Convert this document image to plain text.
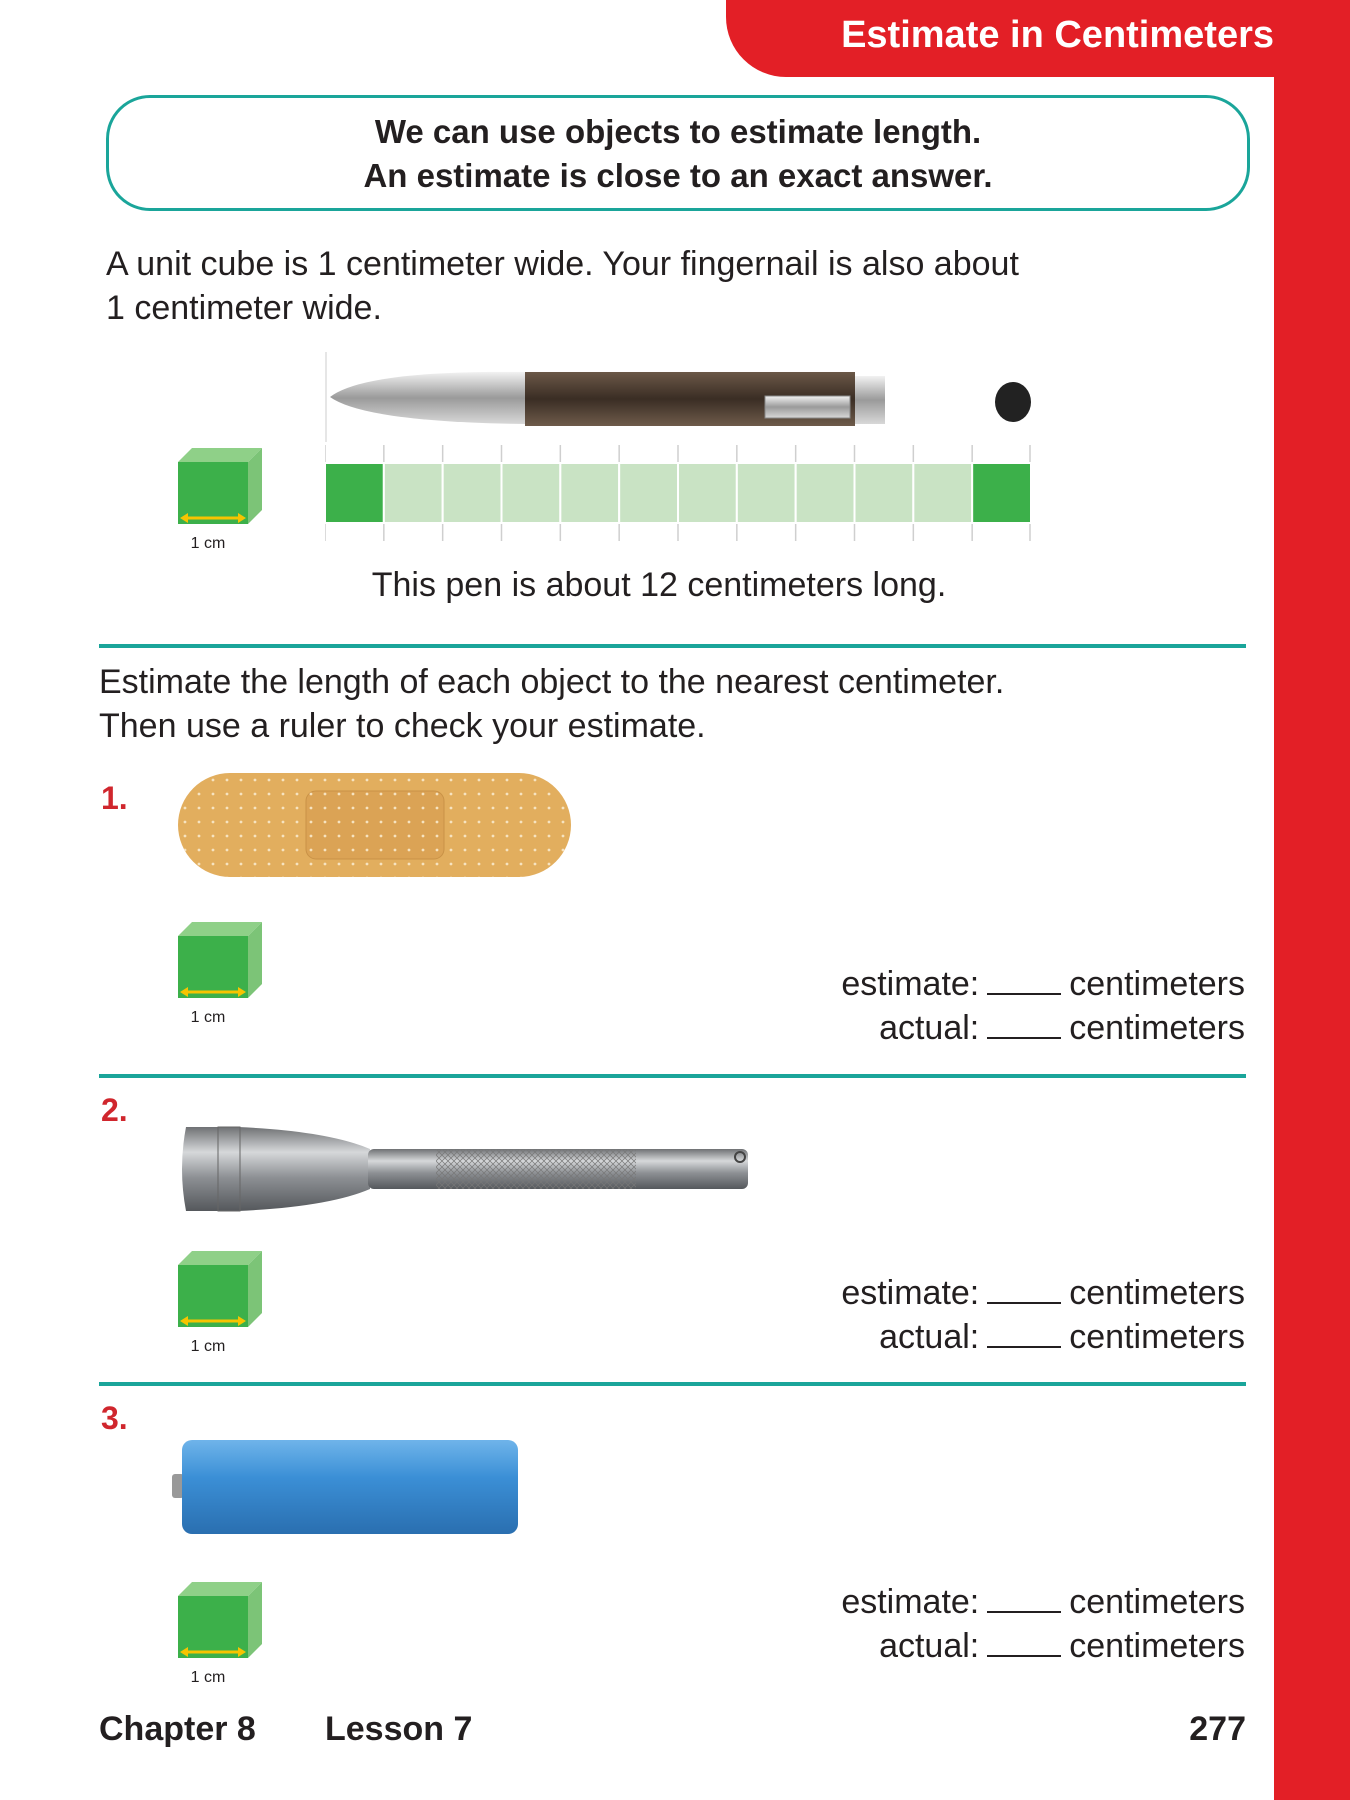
Estimate in Centimeters
We can use objects to estimate length.
An estimate is close to an exact answer.
A unit cube is 1 centimeter wide. Your fingernail is also about
1 centimeter wide.
1 cm
This pen is about 12 centimeters long.
Estimate the length of each object to the nearest centimeter.
Then use a ruler to check your estimate.
1.
1 cm
estimate:	centimeters
actual:	centimeters
2.
1 cm
estimate:	centimeters
actual:	centimeters
3.
1 cm
estimate:	centimeters
actual:	centimeters
Chapter 8 Lesson 7	277
